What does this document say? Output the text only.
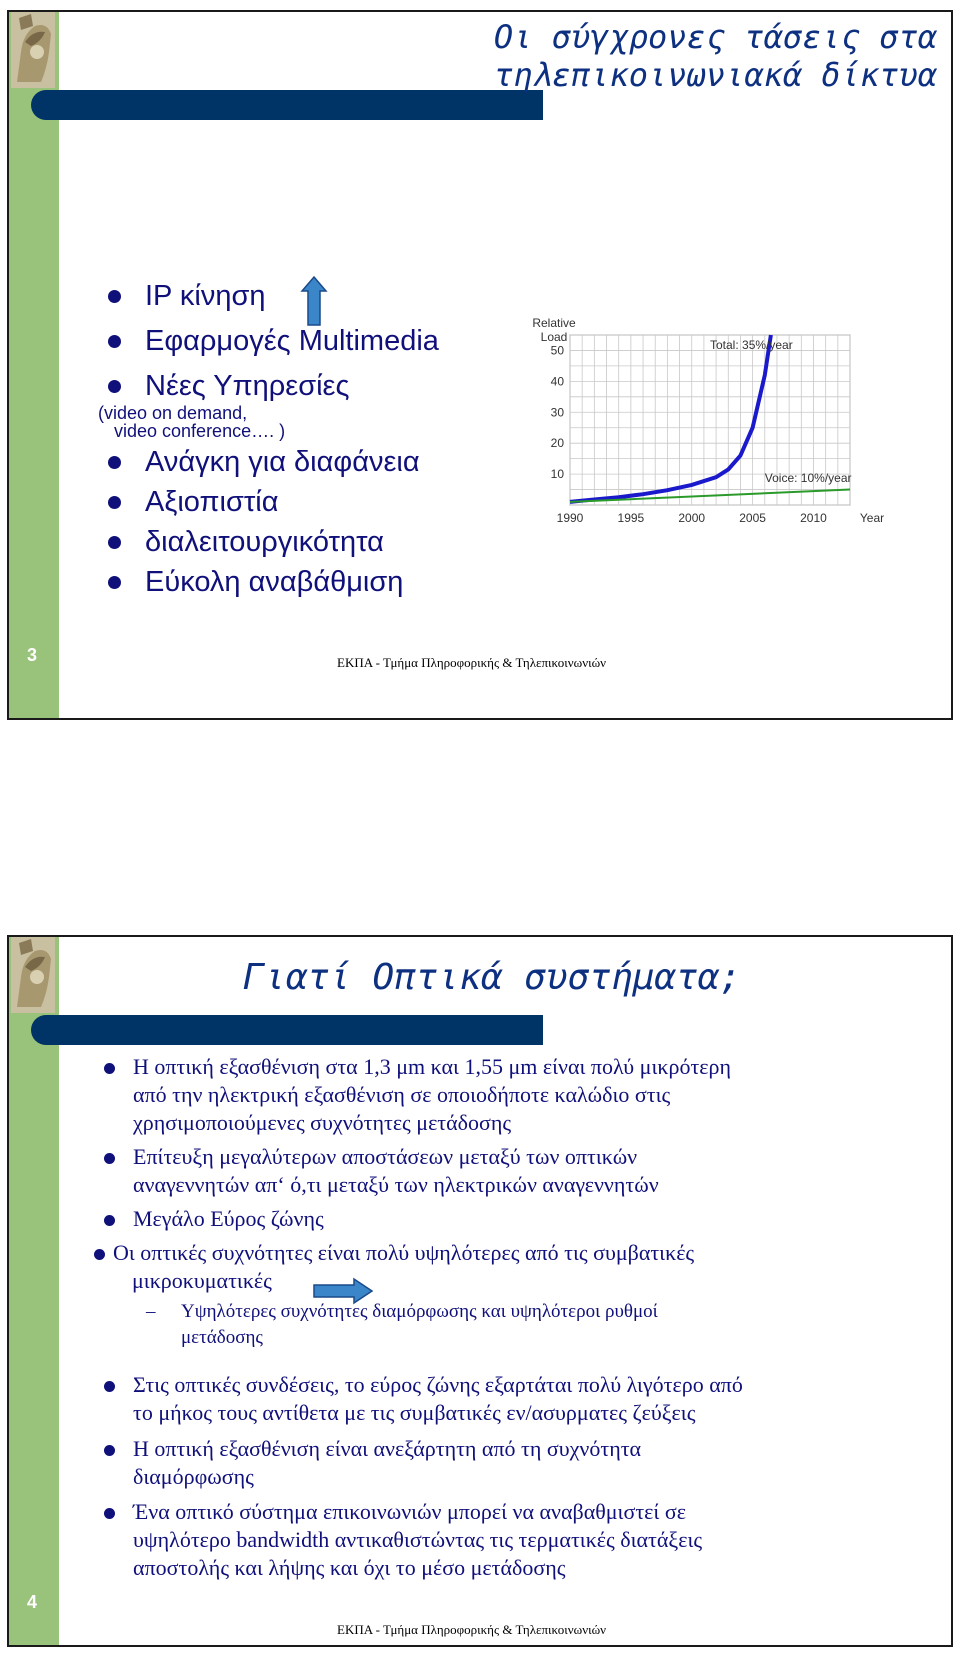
Οι σύγχρονες τάσεις στα τηλεπικοινωνιακά δίκτυα
3	ΕΚΠΑ - Τμήμα Πληροφορικής & Τηλεπικοινωνιών
IP κίνηση
Εφαρμογές Multimedia
Νέες Υπηρεσίες
(video on demand,
video conference…. )
Ανάγκη για διαφάνεια
Αξιοπιστία
διαλειτουργικότητα
Εύκολη αναβάθμιση
10
20
30
40
50
1990	1995	2000	2005	2010
Relative
Load
Year
Total: 35%/year
Voice: 10%/year
Γιατί Οπτικά συστήματα;
4
ΕΚΠΑ - Τμήμα Πληροφορικής & Τηλεπικοινωνιών
Η οπτική εξασθένιση στα 1,3 μm και 1,55 μm είναι πολύ μικρότερη
από την ηλεκτρική εξασθένιση σε οποιοδήποτε καλώδιο στις
χρησιμοποιούμενες συχνότητες μετάδοσης
Επίτευξη μεγαλύτερων αποστάσεων μεταξύ των οπτικών
αναγεννητών απ‘ ό,τι μεταξύ των ηλεκτρικών αναγεννητών
Μεγάλο Εύρος ζώνης
Οι οπτικές συχνότητες είναι πολύ υψηλότερες από τις συμβατικές
μικροκυματικές
– Υψηλότερες συχνότητες διαμόρφωσης και υψηλότεροι ρυθμοί
μετάδοσης
Στις οπτικές συνδέσεις, το εύρος ζώνης εξαρτάται πολύ λιγότερο από
το μήκος τους αντίθετα με τις συμβατικές εν/ασυρματες ζεύξεις
Η οπτική εξασθένιση είναι ανεξάρτητη από τη συχνότητα
διαμόρφωσης
Ένα οπτικό σύστημα επικοινωνιών μπορεί να αναβαθμιστεί σε
υψηλότερο bandwidth αντικαθιστώντας τις τερματικές διατάξεις
αποστολής και λήψης και όχι το μέσο μετάδοσης
